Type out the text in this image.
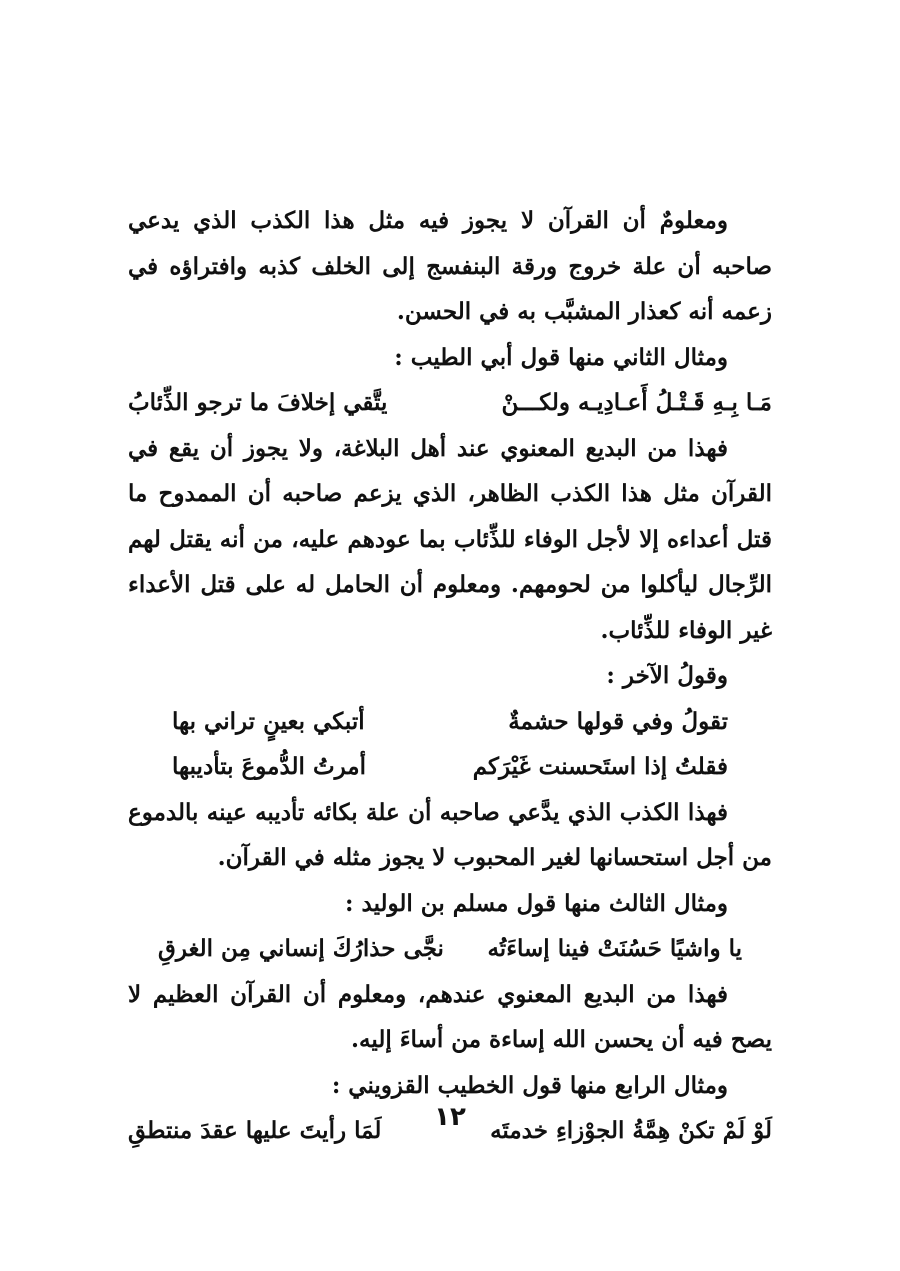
ومعلومٌ أن القرآن لا يجوز فيه مثل هذا الكذب الذي يدعي صاحبه أن علة خروج ورقة البنفسج إلى الخلف كذبه وافتراؤه في زعمه أنه كعذار المشبَّب به في الحسن.

ومثال الثاني منها قول أبي الطيب :

مَـا بِـهِ قَـتْـلُ أَعـادِيـه ولكـــنْ
يتَّقي إخلافَ ما ترجو الذِّئابُ

فهذا من البديع المعنوي عند أهل البلاغة، ولا يجوز أن يقع في القرآن مثل هذا الكذب الظاهر، الذي يزعم صاحبه أن الممدوح ما قتل أعداءه إلا لأجل الوفاء للذِّئاب بما عودهم عليه، من أنه يقتل لهم الرِّجال ليأكلوا من لحومهم. ومعلوم أن الحامل له على قتل الأعداء غير الوفاء للذِّئاب.

وقولُ الآخر :

تقولُ وفي قولها حشمةٌ
أتبكي بعينٍ تراني بها
فقلتُ إذا استَحسنت غَيْرَكم
أمرتُ الدُّموعَ بتأديبها

فهذا الكذب الذي يدَّعي صاحبه أن علة بكائه تأديبه عينه بالدموع من أجل استحسانها لغير المحبوب لا يجوز مثله في القرآن.

ومثال الثالث منها قول مسلم بن الوليد :

يا واشيًا حَسُنَتْ فينا إساءَتُه
نجَّى حذارُكَ إنساني مِن الغرقِ

فهذا من البديع المعنوي عندهم، ومعلوم أن القرآن العظيم لا يصح فيه أن يحسن الله إساءة من أساءَ إليه.

ومثال الرابع منها قول الخطيب القزويني :

لَوْ لَمْ تكنْ هِمَّةُ الجوْزاءِ خدمتَه
لَمَا رأيتَ عليها عقدَ منتطقِ	١٢
